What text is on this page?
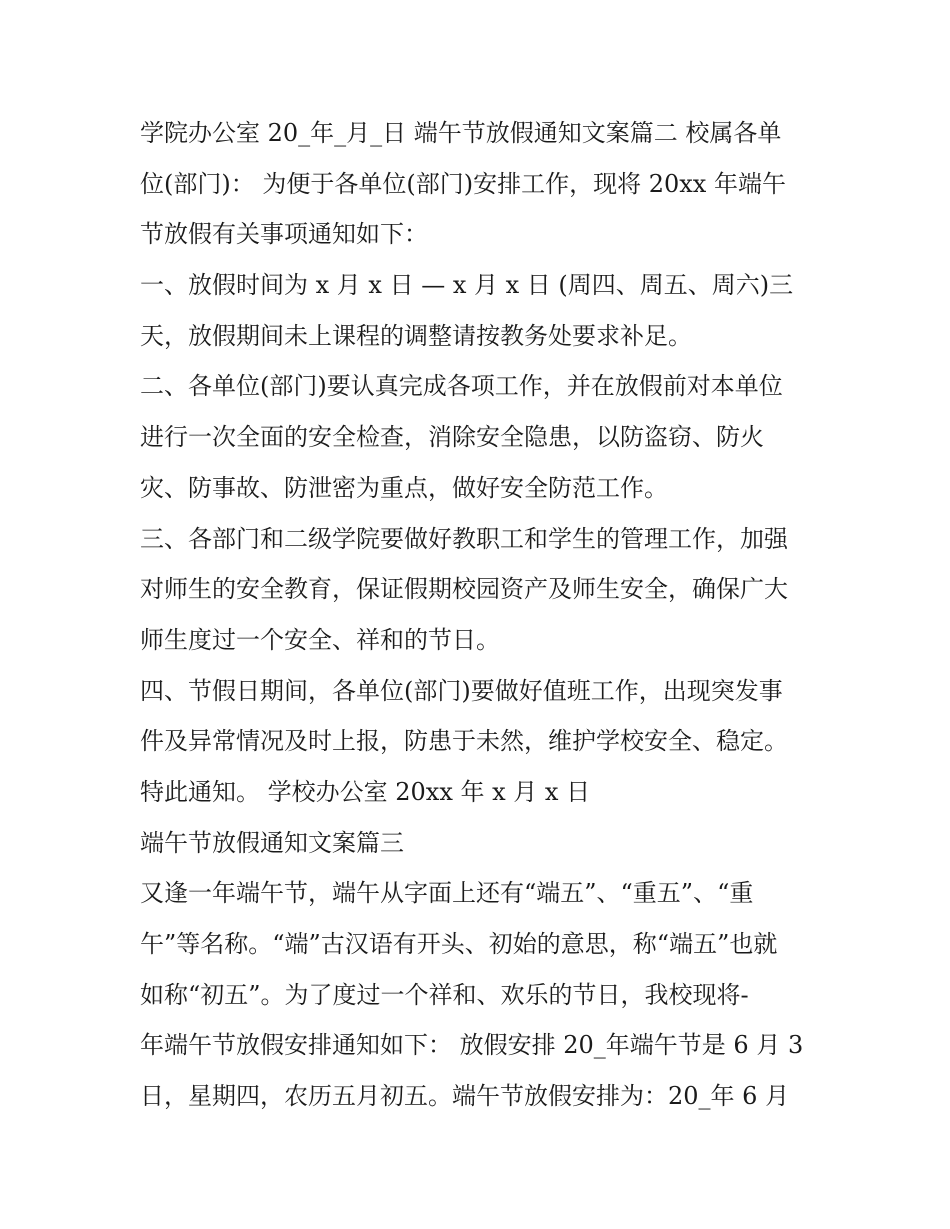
学院办公室 20_年_月_日 端午节放假通知文案篇二 校属各单
位(部门)： 为便于各单位(部门)安排工作，现将 20xx 年端午
节放假有关事项通知如下：
一、放假时间为 x 月 x 日 — x 月 x 日 (周四、周五、周六)三
天，放假期间未上课程的调整请按教务处要求补足。
二、各单位(部门)要认真完成各项工作，并在放假前对本单位
进行一次全面的安全检查，消除安全隐患，以防盗窃、防火
灾、防事故、防泄密为重点，做好安全防范工作。
三、各部门和二级学院要做好教职工和学生的管理工作，加强
对师生的安全教育，保证假期校园资产及师生安全，确保广大
师生度过一个安全、祥和的节日。
四、节假日期间，各单位(部门)要做好值班工作，出现突发事
件及异常情况及时上报，防患于未然，维护学校安全、稳定。
特此通知。 学校办公室 20xx 年 x 月 x 日
端午节放假通知文案篇三
又逢一年端午节，端午从字面上还有“端五”、“重五”、“重
午”等名称。“端”古汉语有开头、初始的意思，称“端五”也就
如称“初五”。为了度过一个祥和、欢乐的节日，我校现将-
年端午节放假安排通知如下： 放假安排 20_年端午节是 6 月 3
日，星期四，农历五月初五。端午节放假安排为：20_年 6 月
